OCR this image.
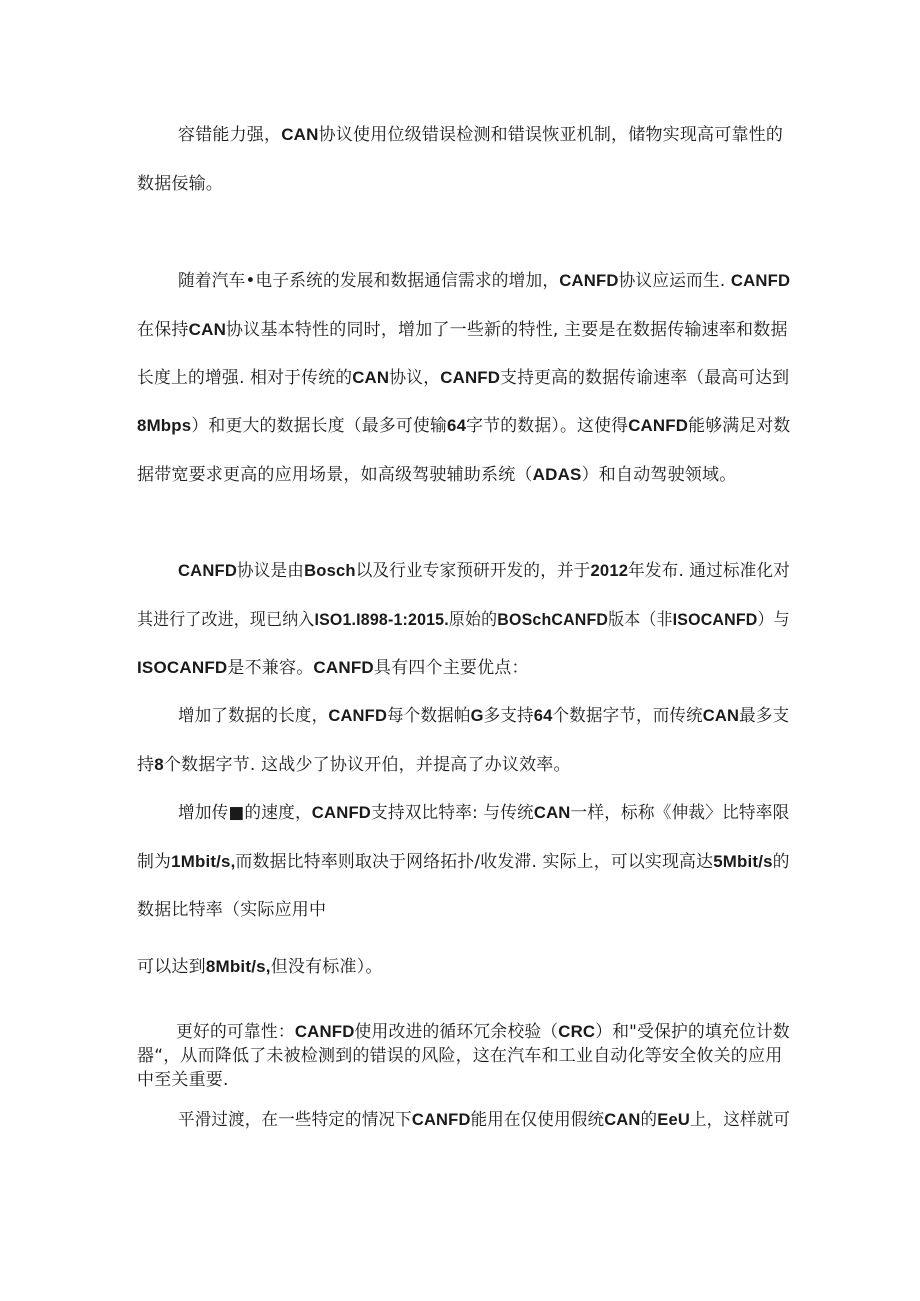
容错能力强，CAN协议使用位级错误检测和错误恢亚机制，储物实现高可靠性的
数据佞输。
随着汽车•电子系统的发展和数据通信需求的增加，CANFD协议应运而生. CANFD
在保持CAN协议基本特性的同时，增加了一些新的特性, 主要是在数据传输速率和数据
长度上的增强. 相对于传统的CAN协议，CANFD支持更高的数据传谕速率（最高可达到
8Mbps）和更大的数据长度（最多可使输64字节的数据）。这使得CANFD能够满足对数
据带宽要求更高的应用场景，如高级驾驶辅助系统（ADAS）和自动驾驶领域。
CANFD协议是由Bosch以及行业专家预研开发的，并于2012年发布. 通过标准化对
其进行了改进，现已纳入ISO1.I898-1:2015.原始的BOSchCANFD版本（非ISOCANFD）与
ISOCANFD是不兼容。CANFD具有四个主要优点：
增加了数据的长度，CANFD每个数据帕G多支持64个数据字节，而传统CAN最多支
持8个数据字节. 这战少了协议开伯，并提高了办议效率。
增加传■的速度，CANFD支持双比特率: 与传统CAN一样，标称《伸裁〉比特率限
制为1Mbit/s,而数据比特率则取决于网络拓扑/收发滞. 实际上，可以实现高达5Mbit/s的
数据比特率（实际应用中
可以达到8Mbit/s,但没有标准）。
更好的可靠性：CANFD使用改进的循环冗余校验（CRC）和"受保护的填充位计数
器“，从而降低了未被检测到的错误的风险，这在汽车和工业自动化等安全攸关的应用
中至关重要.
平滑过渡，在一些特定的情况下CANFD能用在仅使用假统CAN的EeU上，这样就可
